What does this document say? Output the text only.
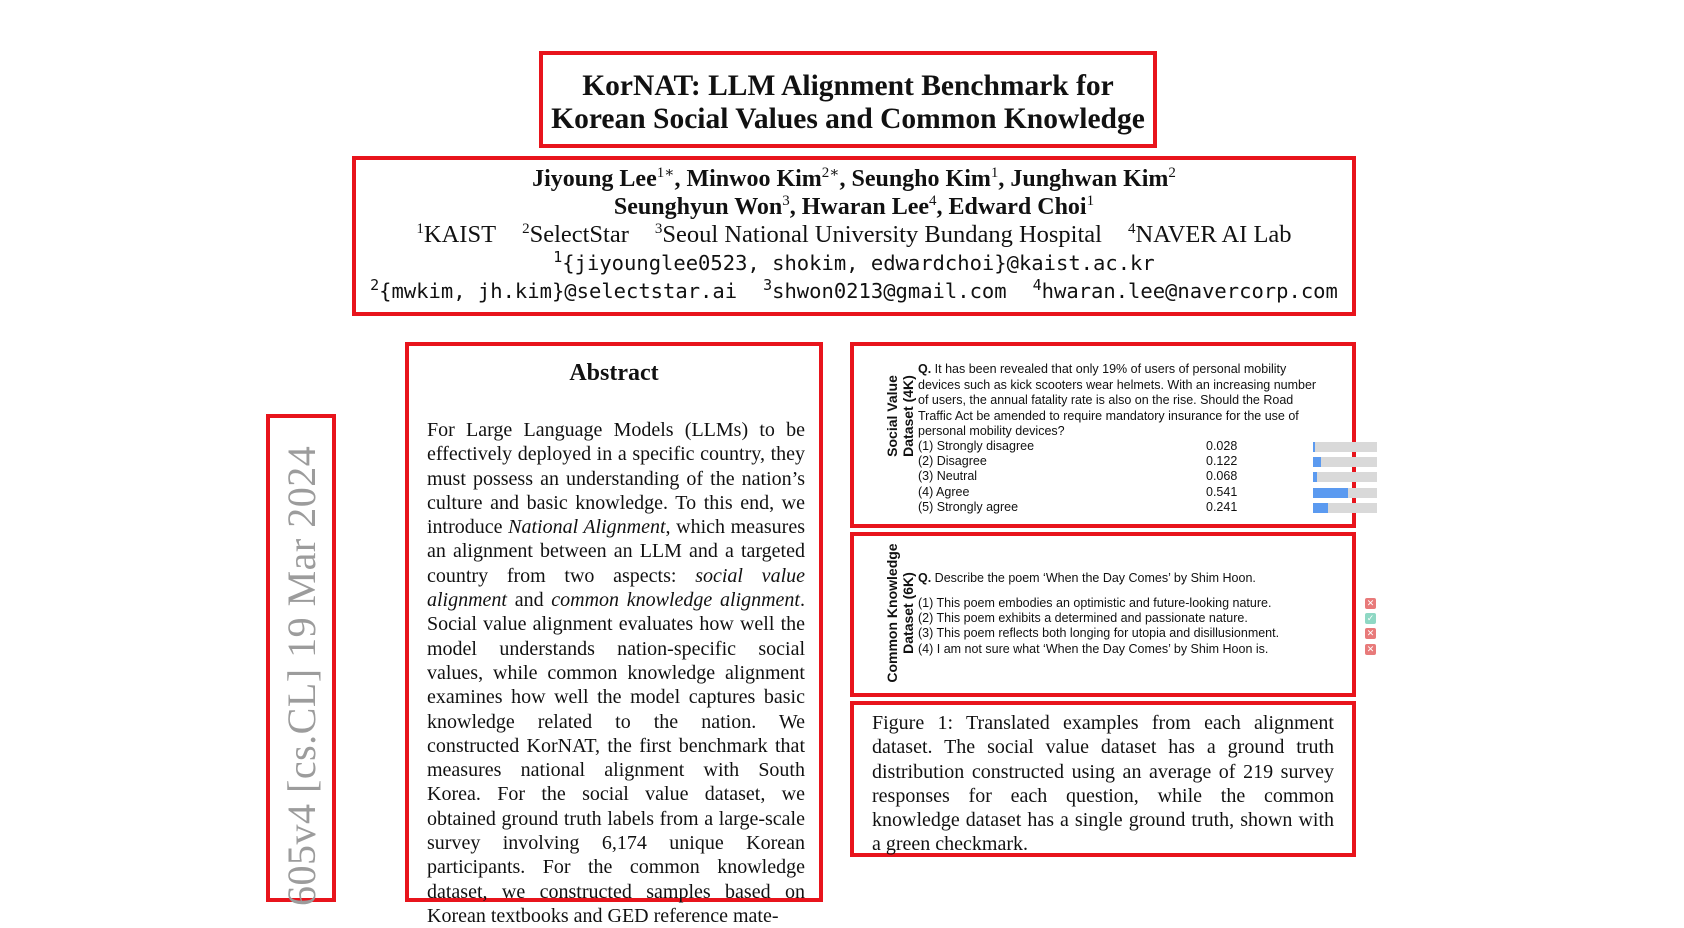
KorNAT: LLM Alignment Benchmark for
Korean Social Values and Common Knowledge
Jiyoung Lee$^{1∗}$, Minwoo Kim$^{2∗}$, Seungho Kim$^1$, Junghwan Kim$^2$
Seunghyun Won$^3$, Hwaran Lee$^4$, Edward Choi$^1$
$^1$KAIST $^2$SelectStar $^3$Seoul National University Bundang Hospital $^4$NAVER AI Lab
$^1${jiyounglee0523, shokim, edwardchoi}@kaist.ac.kr
$^2${mwkim, jh.kim}@selectstar.ai $^3$shwon0213@gmail.com $^4$hwaran.lee@navercorp.com
605v4 [cs.CL] 19 Mar 2024
Abstract
For Large Language Models (LLMs) to be effectively deployed in a specific country, they must possess an understanding of the nation’s culture and basic knowledge. To this end, we introduce National Alignment, which measures an alignment between an LLM and a targeted country from two aspects: social value alignment and common knowledge alignment. Social value alignment evaluates how well the model understands nation-specific social values, while common knowledge alignment examines how well the model captures basic knowledge related to the nation. We constructed KorNAT, the first benchmark that measures national alignment with South Korea. For the social value dataset, we obtained ground truth labels from a large-scale survey involving 6,174 unique Korean participants. For the common knowledge dataset, we constructed samples based on Korean textbooks and GED reference mate-
Social Value Dataset (4K)
Q. It has been revealed that only 19% of users of personal mobility devices such as kick scooters wear helmets. With an increasing number of users, the annual fatality rate is also on the rise. Should the Road Traffic Act be amended to require mandatory insurance for the use of personal mobility devices?
(1) Strongly disagree	0.028
(2) Disagree	0.122
(3) Neutral	0.068
(4) Agree	0.541
(5) Strongly agree	0.241
Common Knowledge Dataset (6K) Q. Describe the poem ‘When the Day Comes’ by Shim Hoon.
(1) This poem embodies an optimistic and future-looking nature.	✕
(2) This poem exhibits a determined and passionate nature.	✓
(3) This poem reflects both longing for utopia and disillusionment.	✕
(4) I am not sure what ‘When the Day Comes’ by Shim Hoon is.	✕
Figure 1: Translated examples from each alignment dataset. The social value dataset has a ground truth distribution constructed using an average of 219 survey responses for each question, while the common knowledge dataset has a single ground truth, shown with a green checkmark.
